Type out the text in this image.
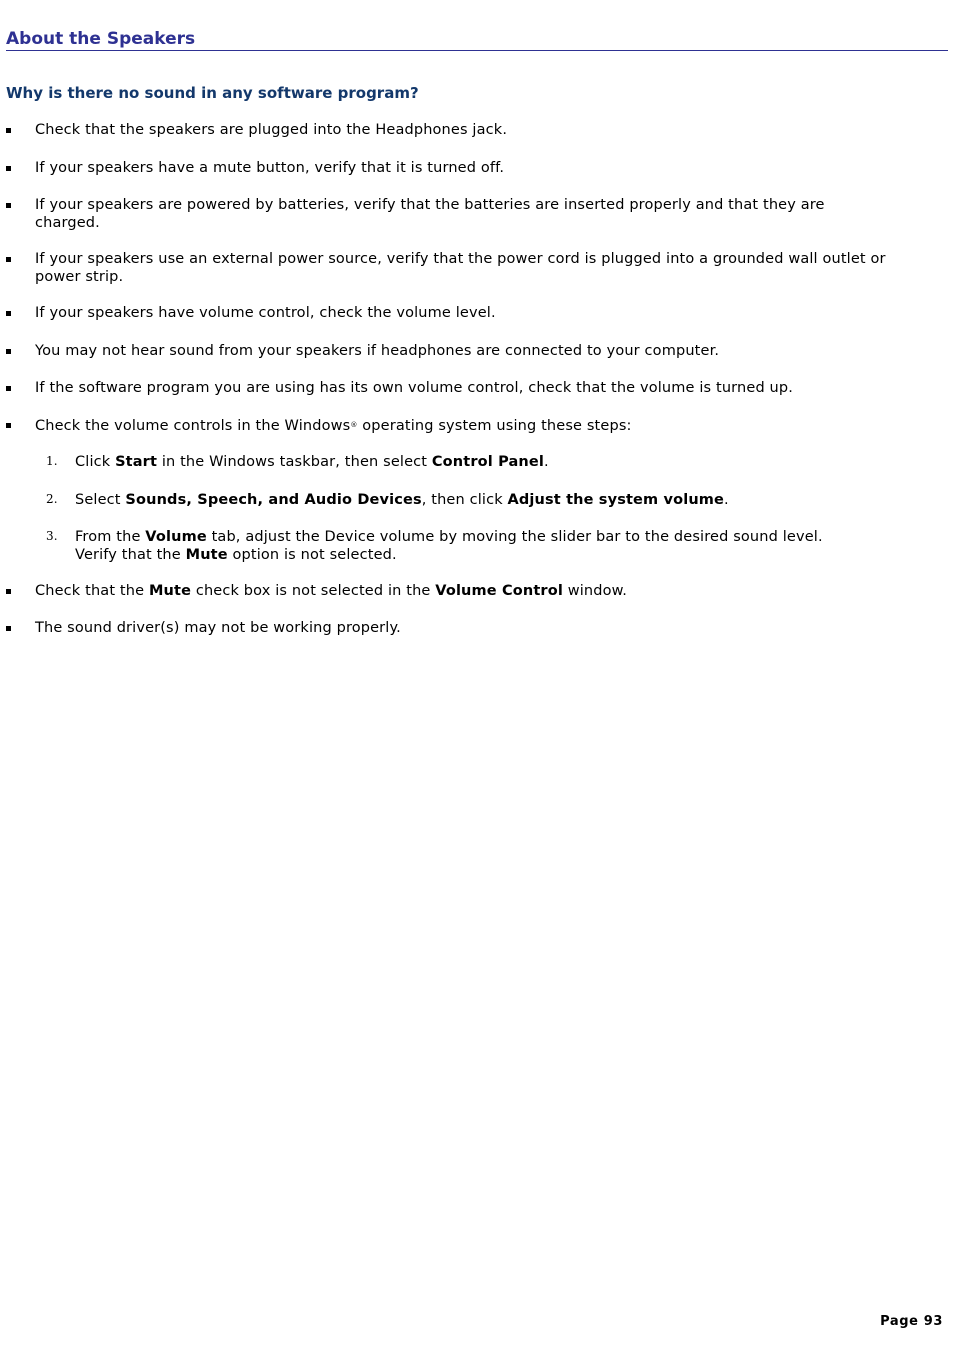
About the Speakers
Why is there no sound in any software program?
Check that the speakers are plugged into the Headphones jack.
If your speakers have a mute button, verify that it is turned off.
If your speakers are powered by batteries, verify that the batteries are inserted properly and that they are charged.
If your speakers use an external power source, verify that the power cord is plugged into a grounded wall outlet or power strip.
If your speakers have volume control, check the volume level.
You may not hear sound from your speakers if headphones are connected to your computer.
If the software program you are using has its own volume control, check that the volume is turned up.
Check the volume controls in the Windows® operating system using these steps:
1. Click Start in the Windows taskbar, then select Control Panel.
2. Select Sounds, Speech, and Audio Devices, then click Adjust the system volume.
3. From the Volume tab, adjust the Device volume by moving the slider bar to the desired sound level.
Verify that the Mute option is not selected.
Check that the Mute check box is not selected in the Volume Control window.
The sound driver(s) may not be working properly.
Page 93
